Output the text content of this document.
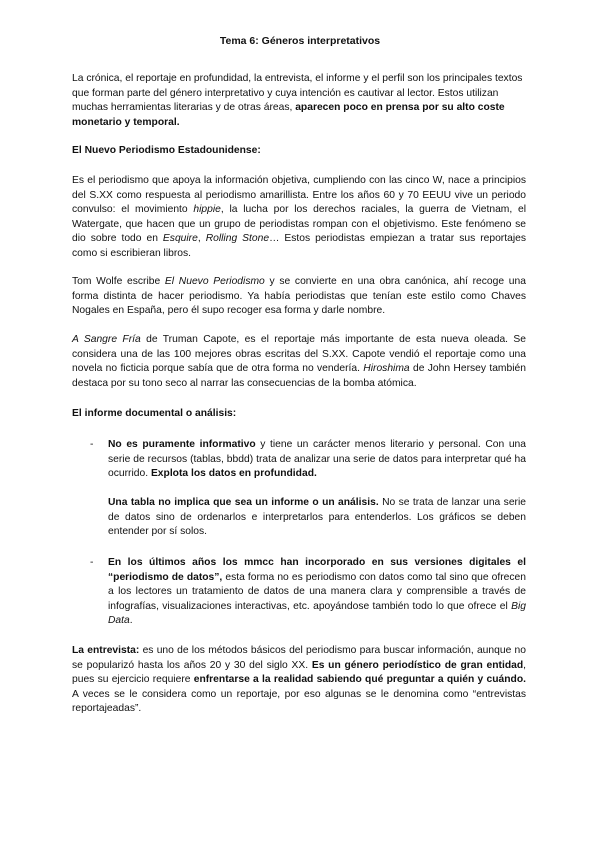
Tema 6: Géneros interpretativos

La crónica, el reportaje en profundidad, la entrevista, el informe y el perfil son los principales textos que forman parte del género interpretativo y cuya intención es cautivar al lector. Estos utilizan muchas herramientas literarias y de otras áreas, aparecen poco en prensa por su alto coste monetario y temporal.

El Nuevo Periodismo Estadounidense:

Es el periodismo que apoya la información objetiva, cumpliendo con las cinco W, nace a principios del S.XX como respuesta al periodismo amarillista. Entre los años 60 y 70 EEUU vive un periodo convulso: el movimiento hippie, la lucha por los derechos raciales, la guerra de Vietnam, el Watergate, que hacen que un grupo de periodistas rompan con el objetivismo. Este fenómeno se dio sobre todo en Esquire, Rolling Stone… Estos periodistas empiezan a tratar sus reportajes como si escribieran libros.

Tom Wolfe escribe El Nuevo Periodismo y se convierte en una obra canónica, ahí recoge una forma distinta de hacer periodismo. Ya había periodistas que tenían este estilo como Chaves Nogales en España, pero él supo recoger esa forma y darle nombre.

A Sangre Fría de Truman Capote, es el reportaje más importante de esta nueva oleada. Se considera una de las 100 mejores obras escritas del S.XX. Capote vendió el reportaje como una novela no ficticia porque sabía que de otra forma no vendería. Hiroshima de John Hersey también destaca por su tono seco al narrar las consecuencias de la bomba atómica.

El informe documental o análisis:

- No es puramente informativo y tiene un carácter menos literario y personal. Con una serie de recursos (tablas, bbdd) trata de analizar una serie de datos para interpretar qué ha ocurrido. Explota los datos en profundidad.

Una tabla no implica que sea un informe o un análisis. No se trata de lanzar una serie de datos sino de ordenarlos e interpretarlos para entenderlos. Los gráficos se deben entender por sí solos.

- En los últimos años los mmcc han incorporado en sus versiones digitales el “periodismo de datos”, esta forma no es periodismo con datos como tal sino que ofrecen a los lectores un tratamiento de datos de una manera clara y comprensible a través de infografías, visualizaciones interactivas, etc. apoyándose también todo lo que ofrece el Big Data.

La entrevista: es uno de los métodos básicos del periodismo para buscar información, aunque no se popularizó hasta los años 20 y 30 del siglo XX. Es un género periodístico de gran entidad, pues su ejercicio requiere enfrentarse a la realidad sabiendo qué preguntar a quién y cuándo. A veces se le considera como un reportaje, por eso algunas se le denomina como “entrevistas reportajeadas”.
